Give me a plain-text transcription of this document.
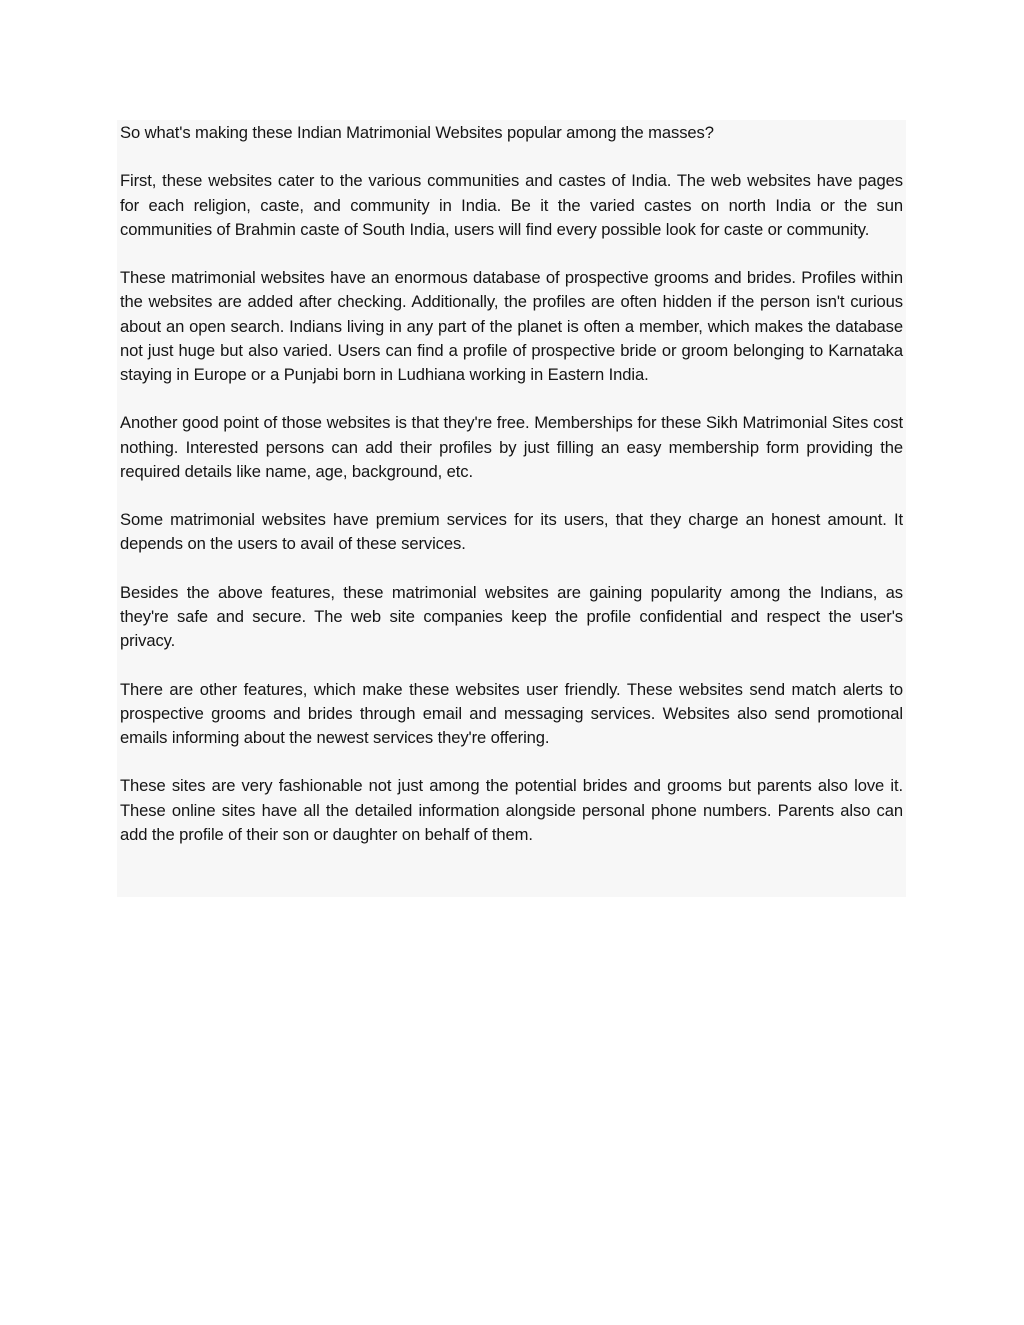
So what's making these Indian Matrimonial Websites popular among the masses?

First, these websites cater to the various communities and castes of India. The web websites have pages for each religion, caste, and community in India. Be it the varied castes on north India or the sun communities of Brahmin caste of South India, users will find every possible look for caste or community.

These matrimonial websites have an enormous database of prospective grooms and brides. Profiles within the websites are added after checking. Additionally, the profiles are often hidden if the person isn't curious about an open search. Indians living in any part of the planet is often a member, which makes the database not just huge but also varied. Users can find a profile of prospective bride or groom belonging to Karnataka staying in Europe or a Punjabi born in Ludhiana working in Eastern India.

Another good point of those websites is that they're free. Memberships for these Sikh Matrimonial Sites cost nothing. Interested persons can add their profiles by just filling an easy membership form providing the required details like name, age, background, etc.

Some matrimonial websites have premium services for its users, that they charge an honest amount. It depends on the users to avail of these services.

Besides the above features, these matrimonial websites are gaining popularity among the Indians, as they're safe and secure. The web site companies keep the profile confidential and respect the user's privacy.

There are other features, which make these websites user friendly. These websites send match alerts to prospective grooms and brides through email and messaging services. Websites also send promotional emails informing about the newest services they're offering.

These sites are very fashionable not just among the potential brides and grooms but parents also love it. These online sites have all the detailed information alongside personal phone numbers. Parents also can add the profile of their son or daughter on behalf of them.
